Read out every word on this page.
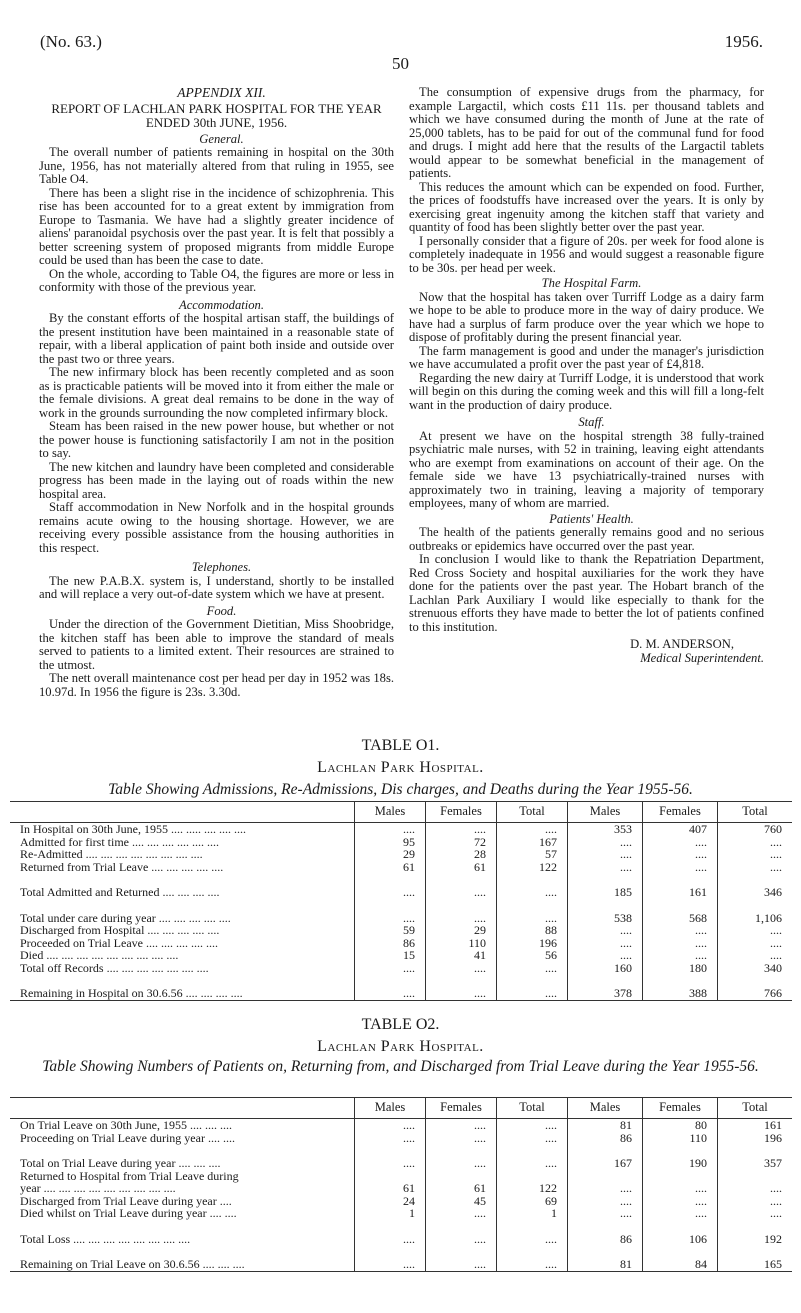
(No. 63.)	1956.
50

APPENDIX XII.

REPORT OF LACHLAN PARK HOSPITAL FOR THE YEAR ENDED 30th JUNE, 1956.

General.

The overall number of patients remaining in hospital on the 30th June, 1956, has not materially altered from that ruling in 1955, see Table O4.

There has been a slight rise in the incidence of schizophrenia. This rise has been accounted for to a great extent by immigration from Europe to Tasmania. We have had a slightly greater incidence of aliens' paranoidal psychosis over the past year. It is felt that possibly a better screening system of proposed migrants from middle Europe could be used than has been the case to date.

On the whole, according to Table O4, the figures are more or less in conformity with those of the previous year.

Accommodation.

By the constant efforts of the hospital artisan staff, the buildings of the present institution have been maintained in a reasonable state of repair, with a liberal application of paint both inside and outside over the past two or three years.

The new infirmary block has been recently completed and as soon as is practicable patients will be moved into it from either the male or the female divisions. A great deal remains to be done in the way of work in the grounds surrounding the now completed infirmary block.

Steam has been raised in the new power house, but whether or not the power house is functioning satisfactorily I am not in the position to say.

The new kitchen and laundry have been completed and considerable progress has been made in the laying out of roads within the new hospital area.

Staff accommodation in New Norfolk and in the hospital grounds remains acute owing to the housing shortage. However, we are receiving every possible assistance from the housing authorities in this respect.

Telephones.

The new P.A.B.X. system is, I understand, shortly to be installed and will replace a very out-of-date system which we have at present.

Food.

Under the direction of the Government Dietitian, Miss Shoobridge, the kitchen staff has been able to improve the standard of meals served to patients to a limited extent. Their resources are strained to the utmost.

The nett overall maintenance cost per head per day in 1952 was 18s. 10.97d. In 1956 the figure is 23s. 3.30d.

The consumption of expensive drugs from the pharmacy, for example Largactil, which costs £11 11s. per thousand tablets and which we have consumed during the month of June at the rate of 25,000 tablets, has to be paid for out of the communal fund for food and drugs. I might add here that the results of the Largactil tablets would appear to be somewhat beneficial in the management of patients.

This reduces the amount which can be expended on food. Further, the prices of foodstuffs have increased over the years. It is only by exercising great ingenuity among the kitchen staff that variety and quantity of food has been slightly better over the past year.

I personally consider that a figure of 20s. per week for food alone is completely inadequate in 1956 and would suggest a reasonable figure to be 30s. per head per week.

The Hospital Farm.

Now that the hospital has taken over Turriff Lodge as a dairy farm we hope to be able to produce more in the way of dairy produce. We have had a surplus of farm produce over the year which we hope to dispose of profitably during the present financial year.

The farm management is good and under the manager's jurisdiction we have accumulated a profit over the past year of £4,818.

Regarding the new dairy at Turriff Lodge, it is understood that work will begin on this during the coming week and this will fill a long-felt want in the production of dairy produce.

Staff.

At present we have on the hospital strength 38 fully-trained psychiatric male nurses, with 52 in training, leaving eight attendants who are exempt from examinations on account of their age. On the female side we have 13 psychiatrically-trained nurses with approximately two in training, leaving a majority of temporary employees, many of whom are married.

Patients' Health.

The health of the patients generally remains good and no serious outbreaks or epidemics have occurred over the past year.

In conclusion I would like to thank the Repatriation Department, Red Cross Society and hospital auxiliaries for the work they have done for the patients over the past year. The Hobart branch of the Lachlan Park Auxiliary I would like especially to thank for the strenuous efforts they have made to better the lot of patients confined to this institution.

D. M. ANDERSON,

Medical Superintendent.

TABLE O1.
Lachlan Park Hospital.
Table Showing Admissions, Re-Admissions, Dis charges, and Deaths during the Year 1955-56.
	Males	Females	Total	Males	Females	Total
In Hospital on 30th June, 1955 .... ..... .... .... ....	....	....	....	353	407	760
Admitted for first time .... .... .... .... .... ....	95	72	167	....	....	....
Re-Admitted .... .... .... .... .... .... .... ....	29	28	57	....	....	....
Returned from Trial Leave .... .... .... .... ....	61	61	122	....	....	....

Total Admitted and Returned .... .... .... ....	....	....	....	185	161	346

Total under care during year .... .... .... .... ....	....	....	....	538	568	1,106
Discharged from Hospital .... .... .... .... ....	59	29	88	....	....	....
Proceeded on Trial Leave .... .... .... .... ....	86	110	196	....	....	....
Died .... .... .... .... .... .... .... .... ....	15	41	56	....	....	....
Total off Records .... .... .... .... .... .... ....	....	....	....	160	180	340

Remaining in Hospital on 30.6.56 .... .... .... ....	....	....	....	378	388	766
TABLE O2.
Lachlan Park Hospital.
Table Showing Numbers of Patients on, Returning from, and Discharged from Trial Leave during the Year 1955-56.
	Males	Females	Total	Males	Females	Total
On Trial Leave on 30th June, 1955 .... .... ....	....	....	....	81	80	161
Proceeding on Trial Leave during year .... ....	....	....	....	86	110	196

Total on Trial Leave during year .... .... ....	....	....	....	167	190	357
Returned to Hospital from Trial Leave during						
year .... .... .... .... .... .... .... .... ....	61	61	122	....	....	....
Discharged from Trial Leave during year ....	24	45	69	....	....	....
Died whilst on Trial Leave during year .... ....	1	....	1	....	....	....

Total Loss .... .... .... .... .... .... .... ....	....	....	....	86	106	192

Remaining on Trial Leave on 30.6.56 .... .... ....	....	....	....	81	84	165
